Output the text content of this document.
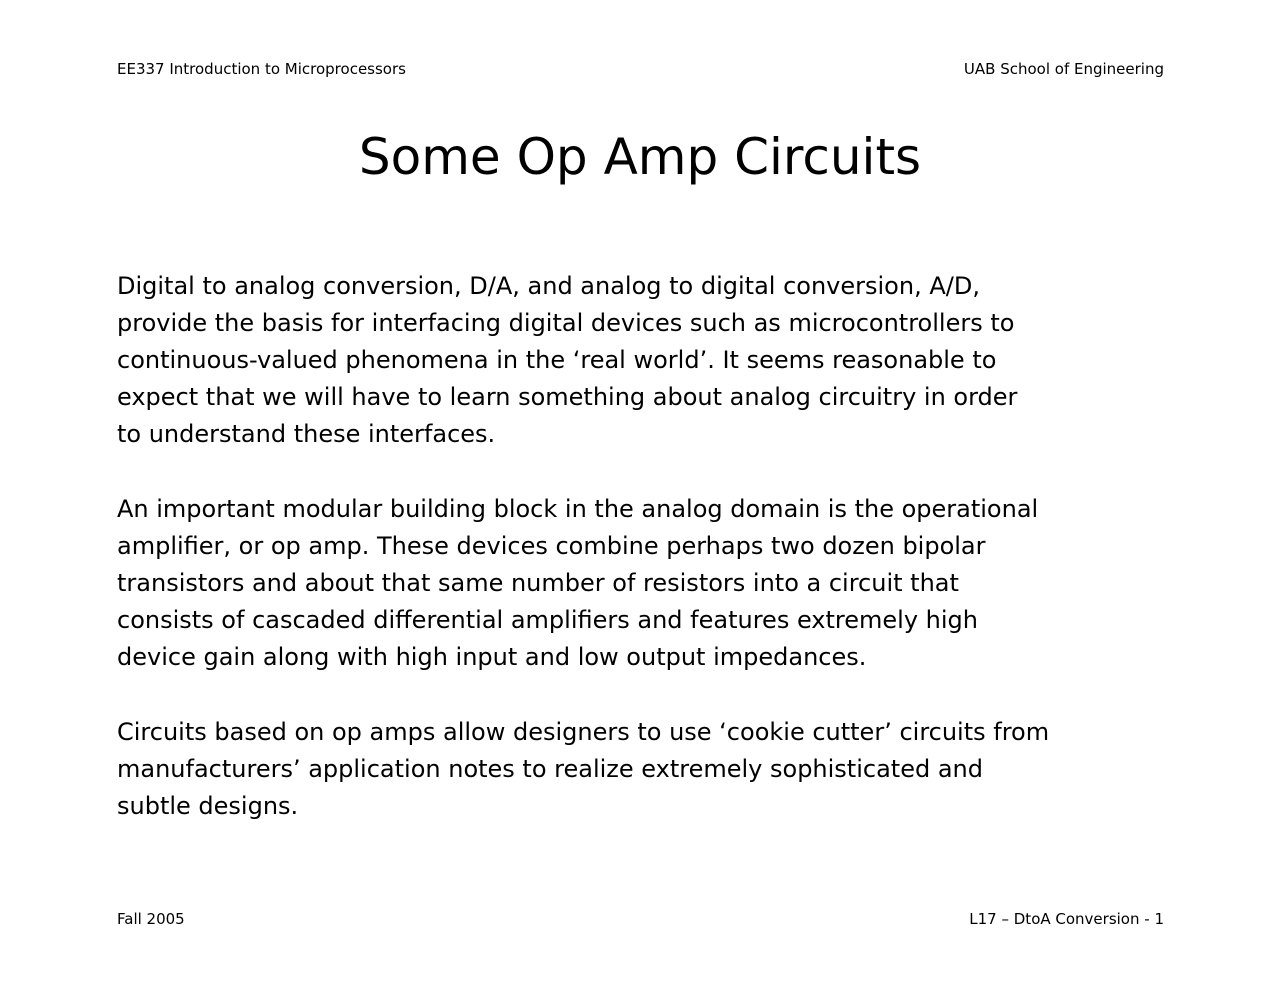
EE337 Introduction to Microprocessors	UAB School of Engineering
Some Op Amp Circuits

Digital to analog conversion, D/A, and analog to digital conversion, A/D,
provide the basis for interfacing digital devices such as microcontrollers to
continuous-valued phenomena in the ‘real world’. It seems reasonable to
expect that we will have to learn something about analog circuitry in order
to understand these interfaces.

An important modular building block in the analog domain is the operational
amplifier, or op amp. These devices combine perhaps two dozen bipolar
transistors and about that same number of resistors into a circuit that
consists of cascaded differential amplifiers and features extremely high
device gain along with high input and low output impedances.

Circuits based on op amps allow designers to use ‘cookie cutter’ circuits from
manufacturers’ application notes to realize extremely sophisticated and
subtle designs.

Fall 2005	L17 – DtoA Conversion - 1
